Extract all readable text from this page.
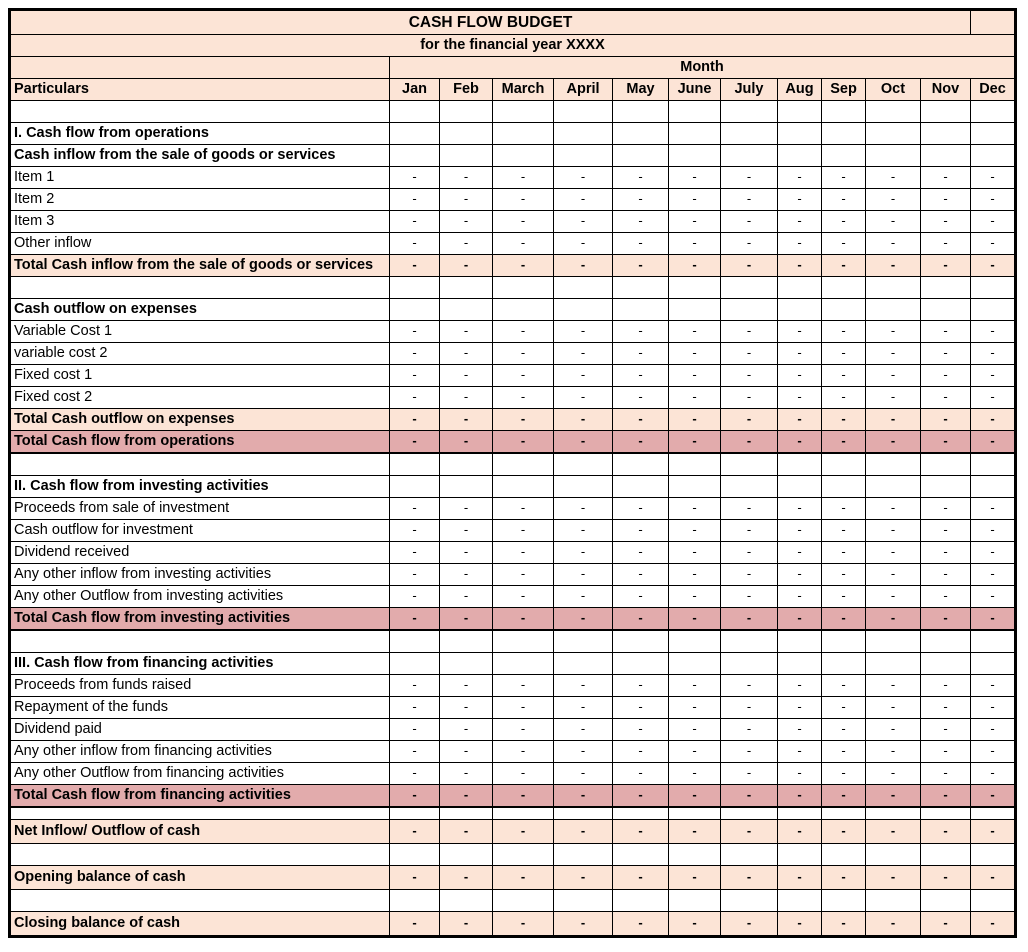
CASH FLOW BUDGET												
for the financial year XXXX												
	Month											
Particulars	Jan	Feb	March	April	May	June	July	Aug	Sep	Oct	Nov	Dec

I. Cash flow from operations												
Cash inflow from the sale of goods or services												
Item 1	-	-	-	-	-	-	-	-	-	-	-	-
Item 2	-	-	-	-	-	-	-	-	-	-	-	-
Item 3	-	-	-	-	-	-	-	-	-	-	-	-
Other inflow	-	-	-	-	-	-	-	-	-	-	-	-
Total Cash inflow from the sale of goods or services	-	-	-	-	-	-	-	-	-	-	-	-

Cash outflow on expenses												
Variable Cost 1	-	-	-	-	-	-	-	-	-	-	-	-
variable cost 2	-	-	-	-	-	-	-	-	-	-	-	-
Fixed cost 1	-	-	-	-	-	-	-	-	-	-	-	-
Fixed cost 2	-	-	-	-	-	-	-	-	-	-	-	-
Total Cash outflow on expenses	-	-	-	-	-	-	-	-	-	-	-	-
Total Cash flow from operations	-	-	-	-	-	-	-	-	-	-	-	-

II. Cash flow from investing activities												
Proceeds from sale of investment	-	-	-	-	-	-	-	-	-	-	-	-
Cash outflow for investment	-	-	-	-	-	-	-	-	-	-	-	-
Dividend received	-	-	-	-	-	-	-	-	-	-	-	-
Any other inflow from investing activities	-	-	-	-	-	-	-	-	-	-	-	-
Any other Outflow from investing activities	-	-	-	-	-	-	-	-	-	-	-	-
Total Cash flow from investing activities	-	-	-	-	-	-	-	-	-	-	-	-

III. Cash flow from financing activities												
Proceeds from funds raised	-	-	-	-	-	-	-	-	-	-	-	-
Repayment of the funds	-	-	-	-	-	-	-	-	-	-	-	-
Dividend paid	-	-	-	-	-	-	-	-	-	-	-	-
Any other inflow from financing activities	-	-	-	-	-	-	-	-	-	-	-	-
Any other Outflow from financing activities	-	-	-	-	-	-	-	-	-	-	-	-
Total Cash flow from financing activities	-	-	-	-	-	-	-	-	-	-	-	-

Net Inflow/ Outflow of cash	-	-	-	-	-	-	-	-	-	-	-	-

Opening balance of cash	-	-	-	-	-	-	-	-	-	-	-	-

Closing balance of cash	-	-	-	-	-	-	-	-	-	-	-	-
